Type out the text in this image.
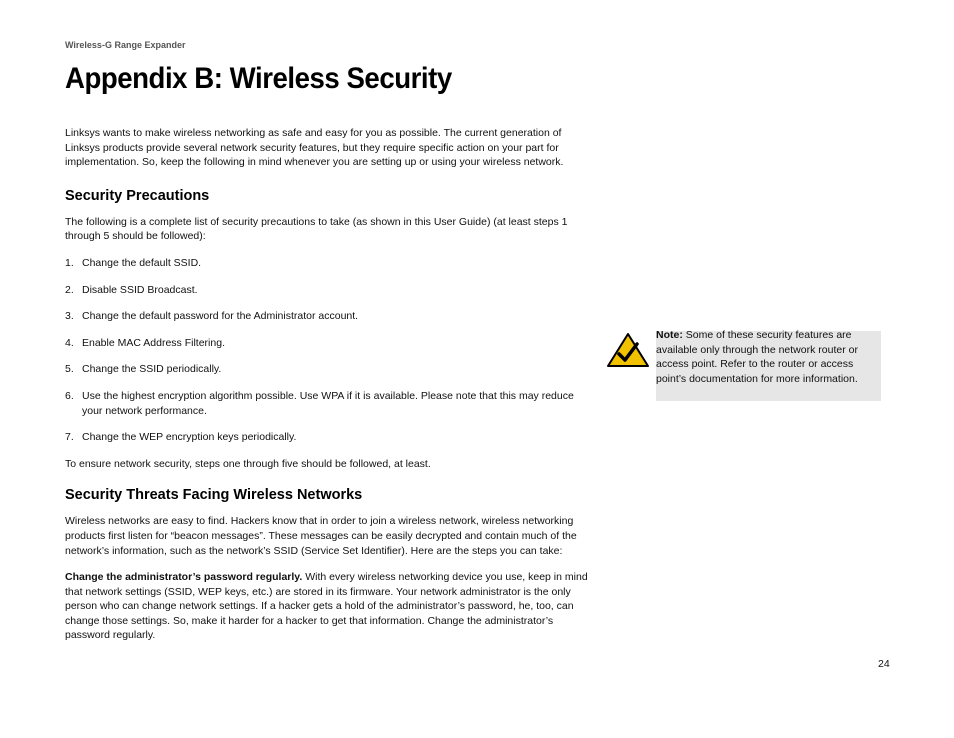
Wireless-G Range Expander
Appendix B: Wireless Security

Linksys wants to make wireless networking as safe and easy for you as possible. The current generation of Linksys products provide several network security features, but they require specific action on your part for implementation. So, keep the following in mind whenever you are setting up or using your wireless network.

Security Precautions

The following is a complete list of security precautions to take (as shown in this User Guide) (at least steps 1 through 5 should be followed):

1. Change the default SSID.
2. Disable SSID Broadcast.
3. Change the default password for the Administrator account.
4. Enable MAC Address Filtering.
5. Change the SSID periodically.
6. Use the highest encryption algorithm possible. Use WPA if it is available. Please note that this may reduce your network performance.
7. Change the WEP encryption keys periodically.

To ensure network security, steps one through five should be followed, at least.

Security Threats Facing Wireless Networks

Wireless networks are easy to find. Hackers know that in order to join a wireless network, wireless networking products first listen for “beacon messages”. These messages can be easily decrypted and contain much of the network’s information, such as the network’s SSID (Service Set Identifier). Here are the steps you can take:

Change the administrator’s password regularly. With every wireless networking device you use, keep in mind that network settings (SSID, WEP keys, etc.) are stored in its firmware. Your network administrator is the only person who can change network settings. If a hacker gets a hold of the administrator’s password, he, too, can change those settings. So, make it harder for a hacker to get that information. Change the administrator’s password regularly.

Note: Some of these security features are available only through the network router or access point. Refer to the router or access point’s documentation for more information.
24
